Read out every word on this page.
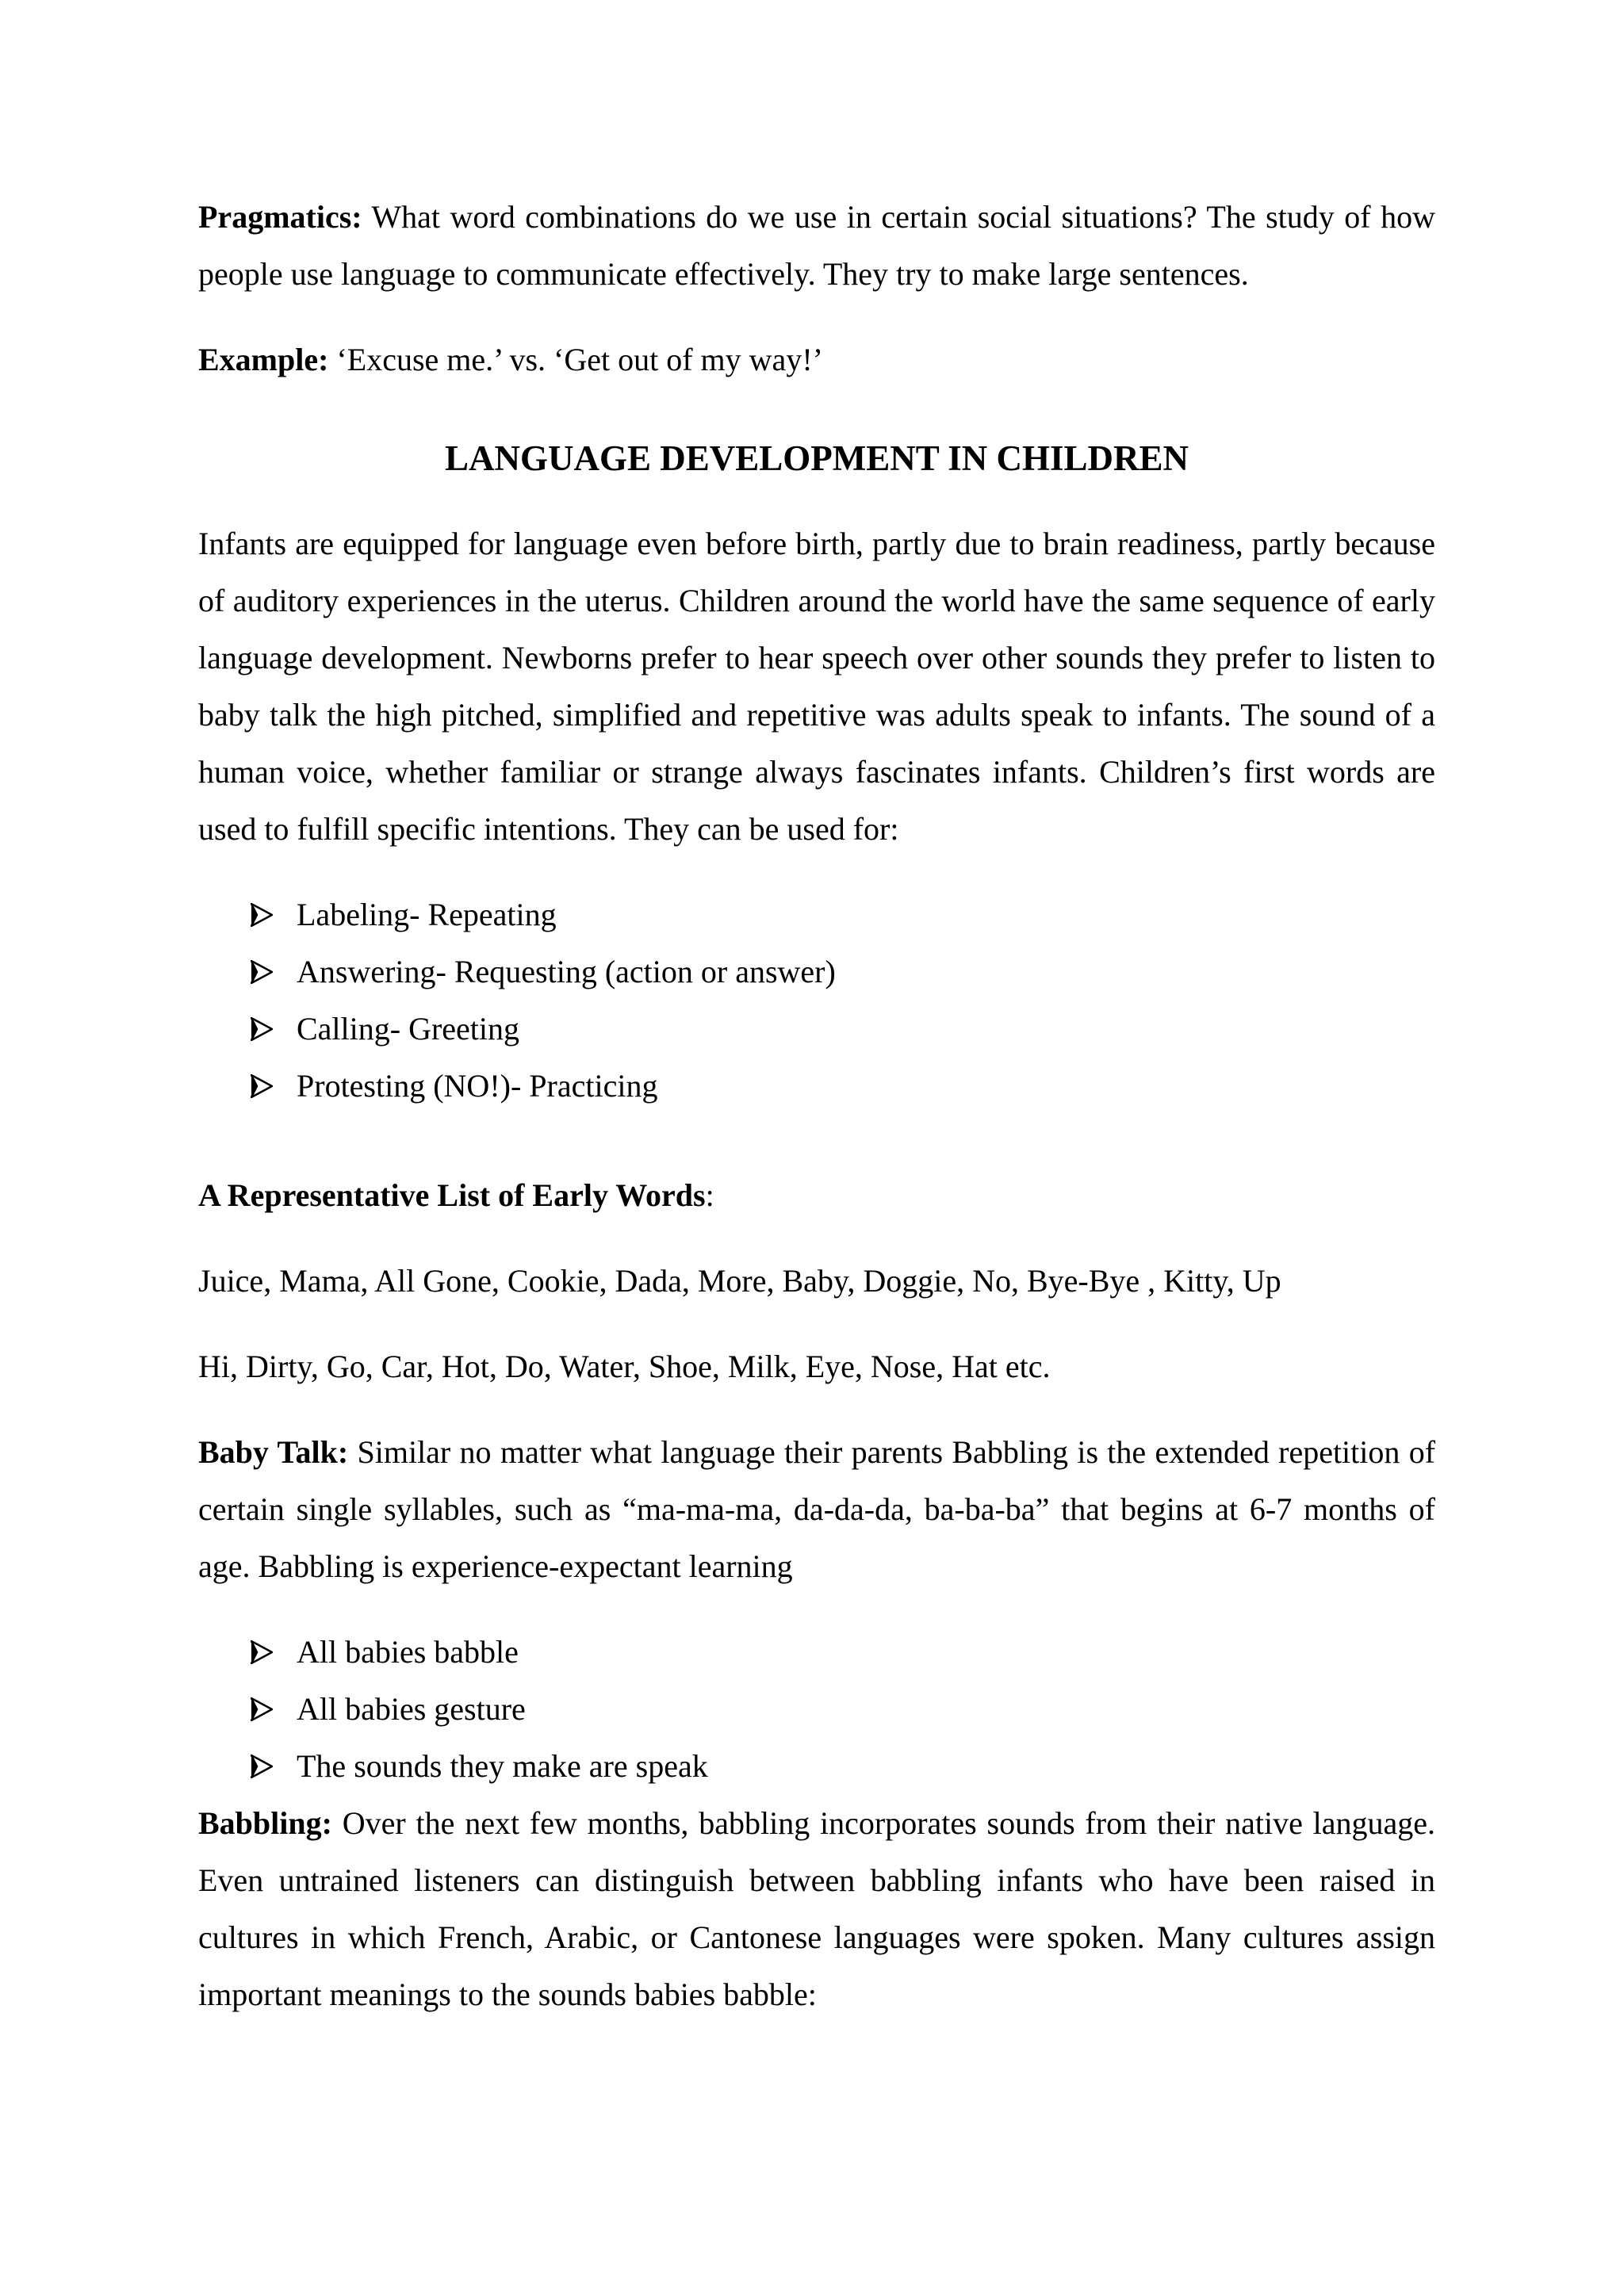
Pragmatics: What word combinations do we use in certain social situations? The study of how people use language to communicate effectively. They try to make large sentences.

Example: ‘Excuse me.’ vs. ‘Get out of my way!’

LANGUAGE DEVELOPMENT IN CHILDREN

Infants are equipped for language even before birth, partly due to brain readiness, partly because of auditory experiences in the uterus. Children around the world have the same sequence of early language development. Newborns prefer to hear speech over other sounds they prefer to listen to baby talk the high pitched, simplified and repetitive was adults speak to infants. The sound of a human voice, whether familiar or strange always fascinates infants. Children’s first words are used to fulfill specific intentions. They can be used for:

Labeling- Repeating
Answering- Requesting (action or answer)
Calling- Greeting
Protesting (NO!)- Practicing

A Representative List of Early Words:

Juice, Mama, All Gone, Cookie, Dada, More, Baby, Doggie, No, Bye-Bye , Kitty, Up

Hi, Dirty, Go, Car, Hot, Do, Water, Shoe, Milk, Eye, Nose, Hat etc.

Baby Talk: Similar no matter what language their parents Babbling is the extended repetition of certain single syllables, such as “ma-ma-ma, da-da-da, ba-ba-ba” that begins at 6-7 months of age. Babbling is experience-expectant learning

All babies babble
All babies gesture
The sounds they make are speak

Babbling: Over the next few months, babbling incorporates sounds from their native language. Even untrained listeners can distinguish between babbling infants who have been raised in cultures in which French, Arabic, or Cantonese languages were spoken. Many cultures assign important meanings to the sounds babies babble:
